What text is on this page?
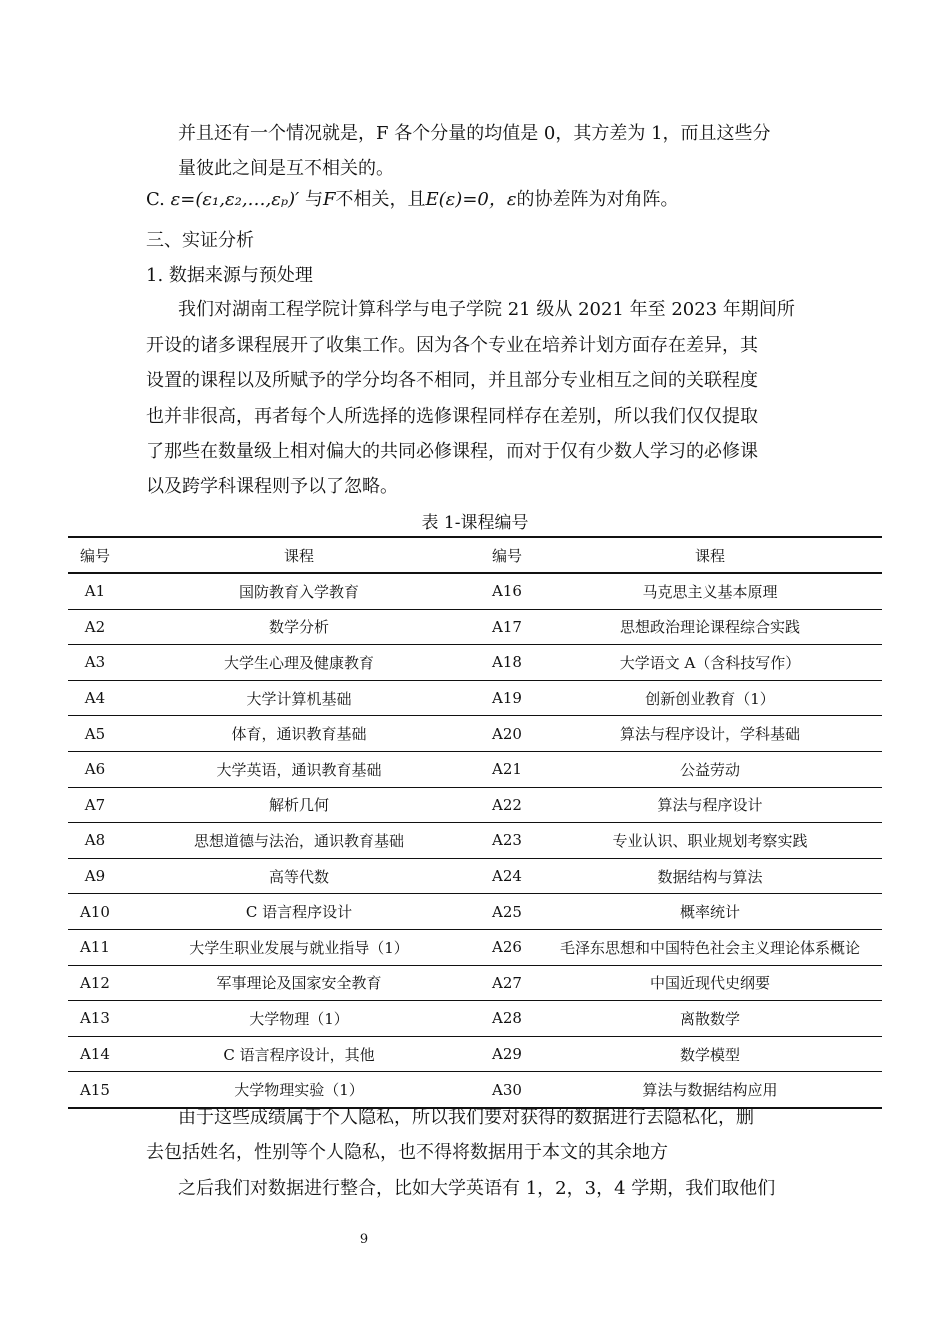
并且还有一个情况就是，F 各个分量的均值是 0，其方差为 1，而且这些分
量彼此之间是互不相关的。
C. ε=(ε₁,ε₂,…,εₚ)′ 与F不相关，且E(ε)=0，ε的协差阵为对角阵。
三、实证分析
1. 数据来源与预处理
我们对湖南工程学院计算科学与电子学院 21 级从 2021 年至 2023 年期间所
开设的诸多课程展开了收集工作。因为各个专业在培养计划方面存在差异，其
设置的课程以及所赋予的学分均各不相同，并且部分专业相互之间的关联程度
也并非很高，再者每个人所选择的选修课程同样存在差别，所以我们仅仅提取
了那些在数量级上相对偏大的共同必修课程，而对于仅有少数人学习的必修课
以及跨学科课程则予以了忽略。
表 1-课程编号
编号	课程	编号	课程
A1	国防教育入学教育	A16	马克思主义基本原理
A2	数学分析	A17	思想政治理论课程综合实践
A3	大学生心理及健康教育	A18	大学语文 A（含科技写作）
A4	大学计算机基础	A19	创新创业教育（1）
A5	体育，通识教育基础	A20	算法与程序设计，学科基础
A6	大学英语，通识教育基础	A21	公益劳动
A7	解析几何	A22	算法与程序设计
A8	思想道德与法治，通识教育基础	A23	专业认识、职业规划考察实践
A9	高等代数	A24	数据结构与算法
A10	C 语言程序设计	A25	概率统计
A11	大学生职业发展与就业指导（1）	A26	毛泽东思想和中国特色社会主义理论体系概论
A12	军事理论及国家安全教育	A27	中国近现代史纲要
A13	大学物理（1）	A28	离散数学
A14	C 语言程序设计，其他	A29	数学模型
A15	大学物理实验（1）	A30	算法与数据结构应用
由于这些成绩属于个人隐私，所以我们要对获得的数据进行去隐私化，删
去包括姓名，性别等个人隐私，也不得将数据用于本文的其余地方
之后我们对数据进行整合，比如大学英语有 1，2，3，4 学期，我们取他们
9
